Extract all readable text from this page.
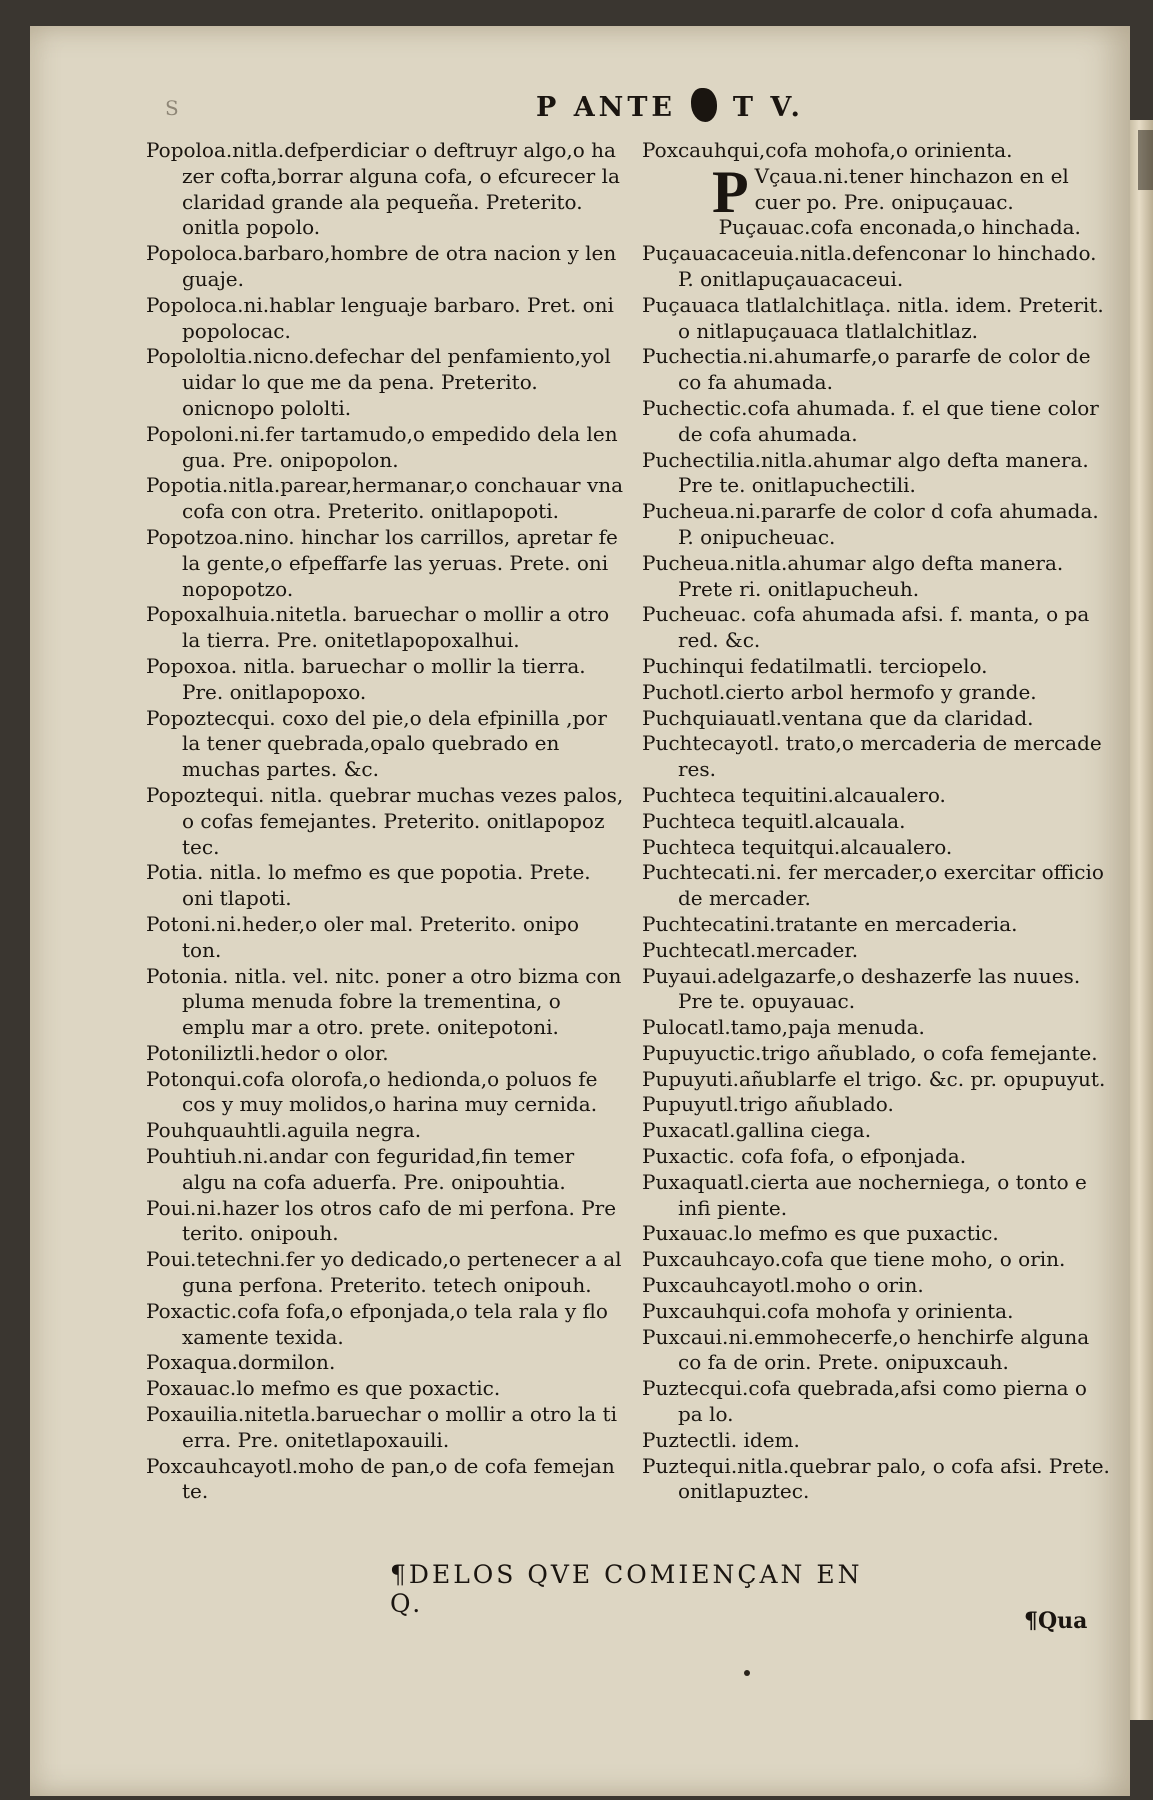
S	P ANTE T V.
Popoloa.nitla.defperdiciar o deftruyr algo,o ha zer cofta,borrar alguna cofa, o efcurecer la claridad grande ala pequeña. Preterito. onitla popolo.
Popoloca.barbaro,hombre de otra nacion y len guaje.
Popoloca.ni.hablar lenguaje barbaro. Pret. oni popolocac.
Popololtia.nicno.defechar del penfamiento,yol uidar lo que me da pena. Preterito. onicnopo pololti.
Popoloni.ni.fer tartamudo,o empedido dela len gua. Pre. onipopolon.
Popotia.nitla.parear,hermanar,o conchauar vna cofa con otra. Preterito. onitlapopoti.
Popotzoa.nino. hinchar los carrillos, apretar fe la gente,o efpeffarfe las yeruas. Prete. oni nopopotzo.
Popoxalhuia.nitetla. baruechar o mollir a otro la tierra. Pre. onitetlapopoxalhui.
Popoxoa. nitla. baruechar o mollir la tierra. Pre. onitlapopoxo.
Popoztecqui. coxo del pie,o dela efpinilla ,por la tener quebrada,opalo quebrado en muchas partes. &c.
Popoztequi. nitla. quebrar muchas vezes palos, o cofas femejantes. Preterito. onitlapopoz tec.
Potia. nitla. lo mefmo es que popotia. Prete. oni tlapoti.
Potoni.ni.heder,o oler mal. Preterito. onipo ton.
Potonia. nitla. vel. nitc. poner a otro bizma con pluma menuda fobre la trementina, o emplu mar a otro. prete. onitepotoni.
Potoniliztli.hedor o olor.
Potonqui.cofa olorofa,o hedionda,o poluos fe cos y muy molidos,o harina muy cernida.
Pouhquauhtli.aguila negra.
Pouhtiuh.ni.andar con feguridad,fin temer algu na cofa aduerfa. Pre. onipouhtia.
Poui.ni.hazer los otros cafo de mi perfona. Pre terito. onipouh.
Poui.tetechni.fer yo dedicado,o pertenecer a al guna perfona. Preterito. tetech onipouh.
Poxactic.cofa fofa,o efponjada,o tela rala y flo xamente texida.
Poxaqua.dormilon.
Poxauac.lo mefmo es que poxactic.
Poxauilia.nitetla.baruechar o mollir a otro la ti erra. Pre. onitetlapoxauili.
Poxcauhcayotl.moho de pan,o de cofa femejan te.
Poxcauhqui,cofa mohofa,o orinienta.
P Vçaua.ni.tener hinchazon en el cuer po. Pre. onipuçauac.
Puçauac.cofa enconada,o hinchada.
Puçauacaceuia.nitla.defenconar lo hinchado. P. onitlapuçauacaceui.
Puçauaca tlatlalchitlaça. nitla. idem. Preterit. o nitlapuçauaca tlatlalchitlaz.
Puchectia.ni.ahumarfe,o pararfe de color de co fa ahumada.
Puchectic.cofa ahumada. f. el que tiene color de cofa ahumada.
Puchectilia.nitla.ahumar algo defta manera. Pre te. onitlapuchectili.
Pucheua.ni.pararfe de color d cofa ahumada. P. onipucheuac.
Pucheua.nitla.ahumar algo defta manera. Prete ri. onitlapucheuh.
Pucheuac. cofa ahumada afsi. f. manta, o pa red. &c.
Puchinqui fedatilmatli. terciopelo.
Puchotl.cierto arbol hermofo y grande.
Puchquiauatl.ventana que da claridad.
Puchtecayotl. trato,o mercaderia de mercade res.
Puchteca tequitini.alcaualero.
Puchteca tequitl.alcauala.
Puchteca tequitqui.alcaualero.
Puchtecati.ni. fer mercader,o exercitar officio de mercader.
Puchtecatini.tratante en mercaderia.
Puchtecatl.mercader.
Puyaui.adelgazarfe,o deshazerfe las nuues. Pre te. opuyauac.
Pulocatl.tamo,paja menuda.
Pupuyuctic.trigo añublado, o cofa femejante.
Pupuyuti.añublarfe el trigo. &c. pr. opupuyut.
Pupuyutl.trigo añublado.
Puxacatl.gallina ciega.
Puxactic. cofa fofa, o efponjada.
Puxaquatl.cierta aue nocherniega, o tonto e infi piente.
Puxauac.lo mefmo es que puxactic.
Puxcauhcayo.cofa que tiene moho, o orin.
Puxcauhcayotl.moho o orin.
Puxcauhqui.cofa mohofa y orinienta.
Puxcaui.ni.emmohecerfe,o henchirfe alguna co fa de orin. Prete. onipuxcauh.
Puztecqui.cofa quebrada,afsi como pierna o pa lo.
Puztectli. idem.
Puztequi.nitla.quebrar palo, o cofa afsi. Prete. onitlapuztec.
¶DELOS QVE COMIENÇAN EN Q.
¶Qua
